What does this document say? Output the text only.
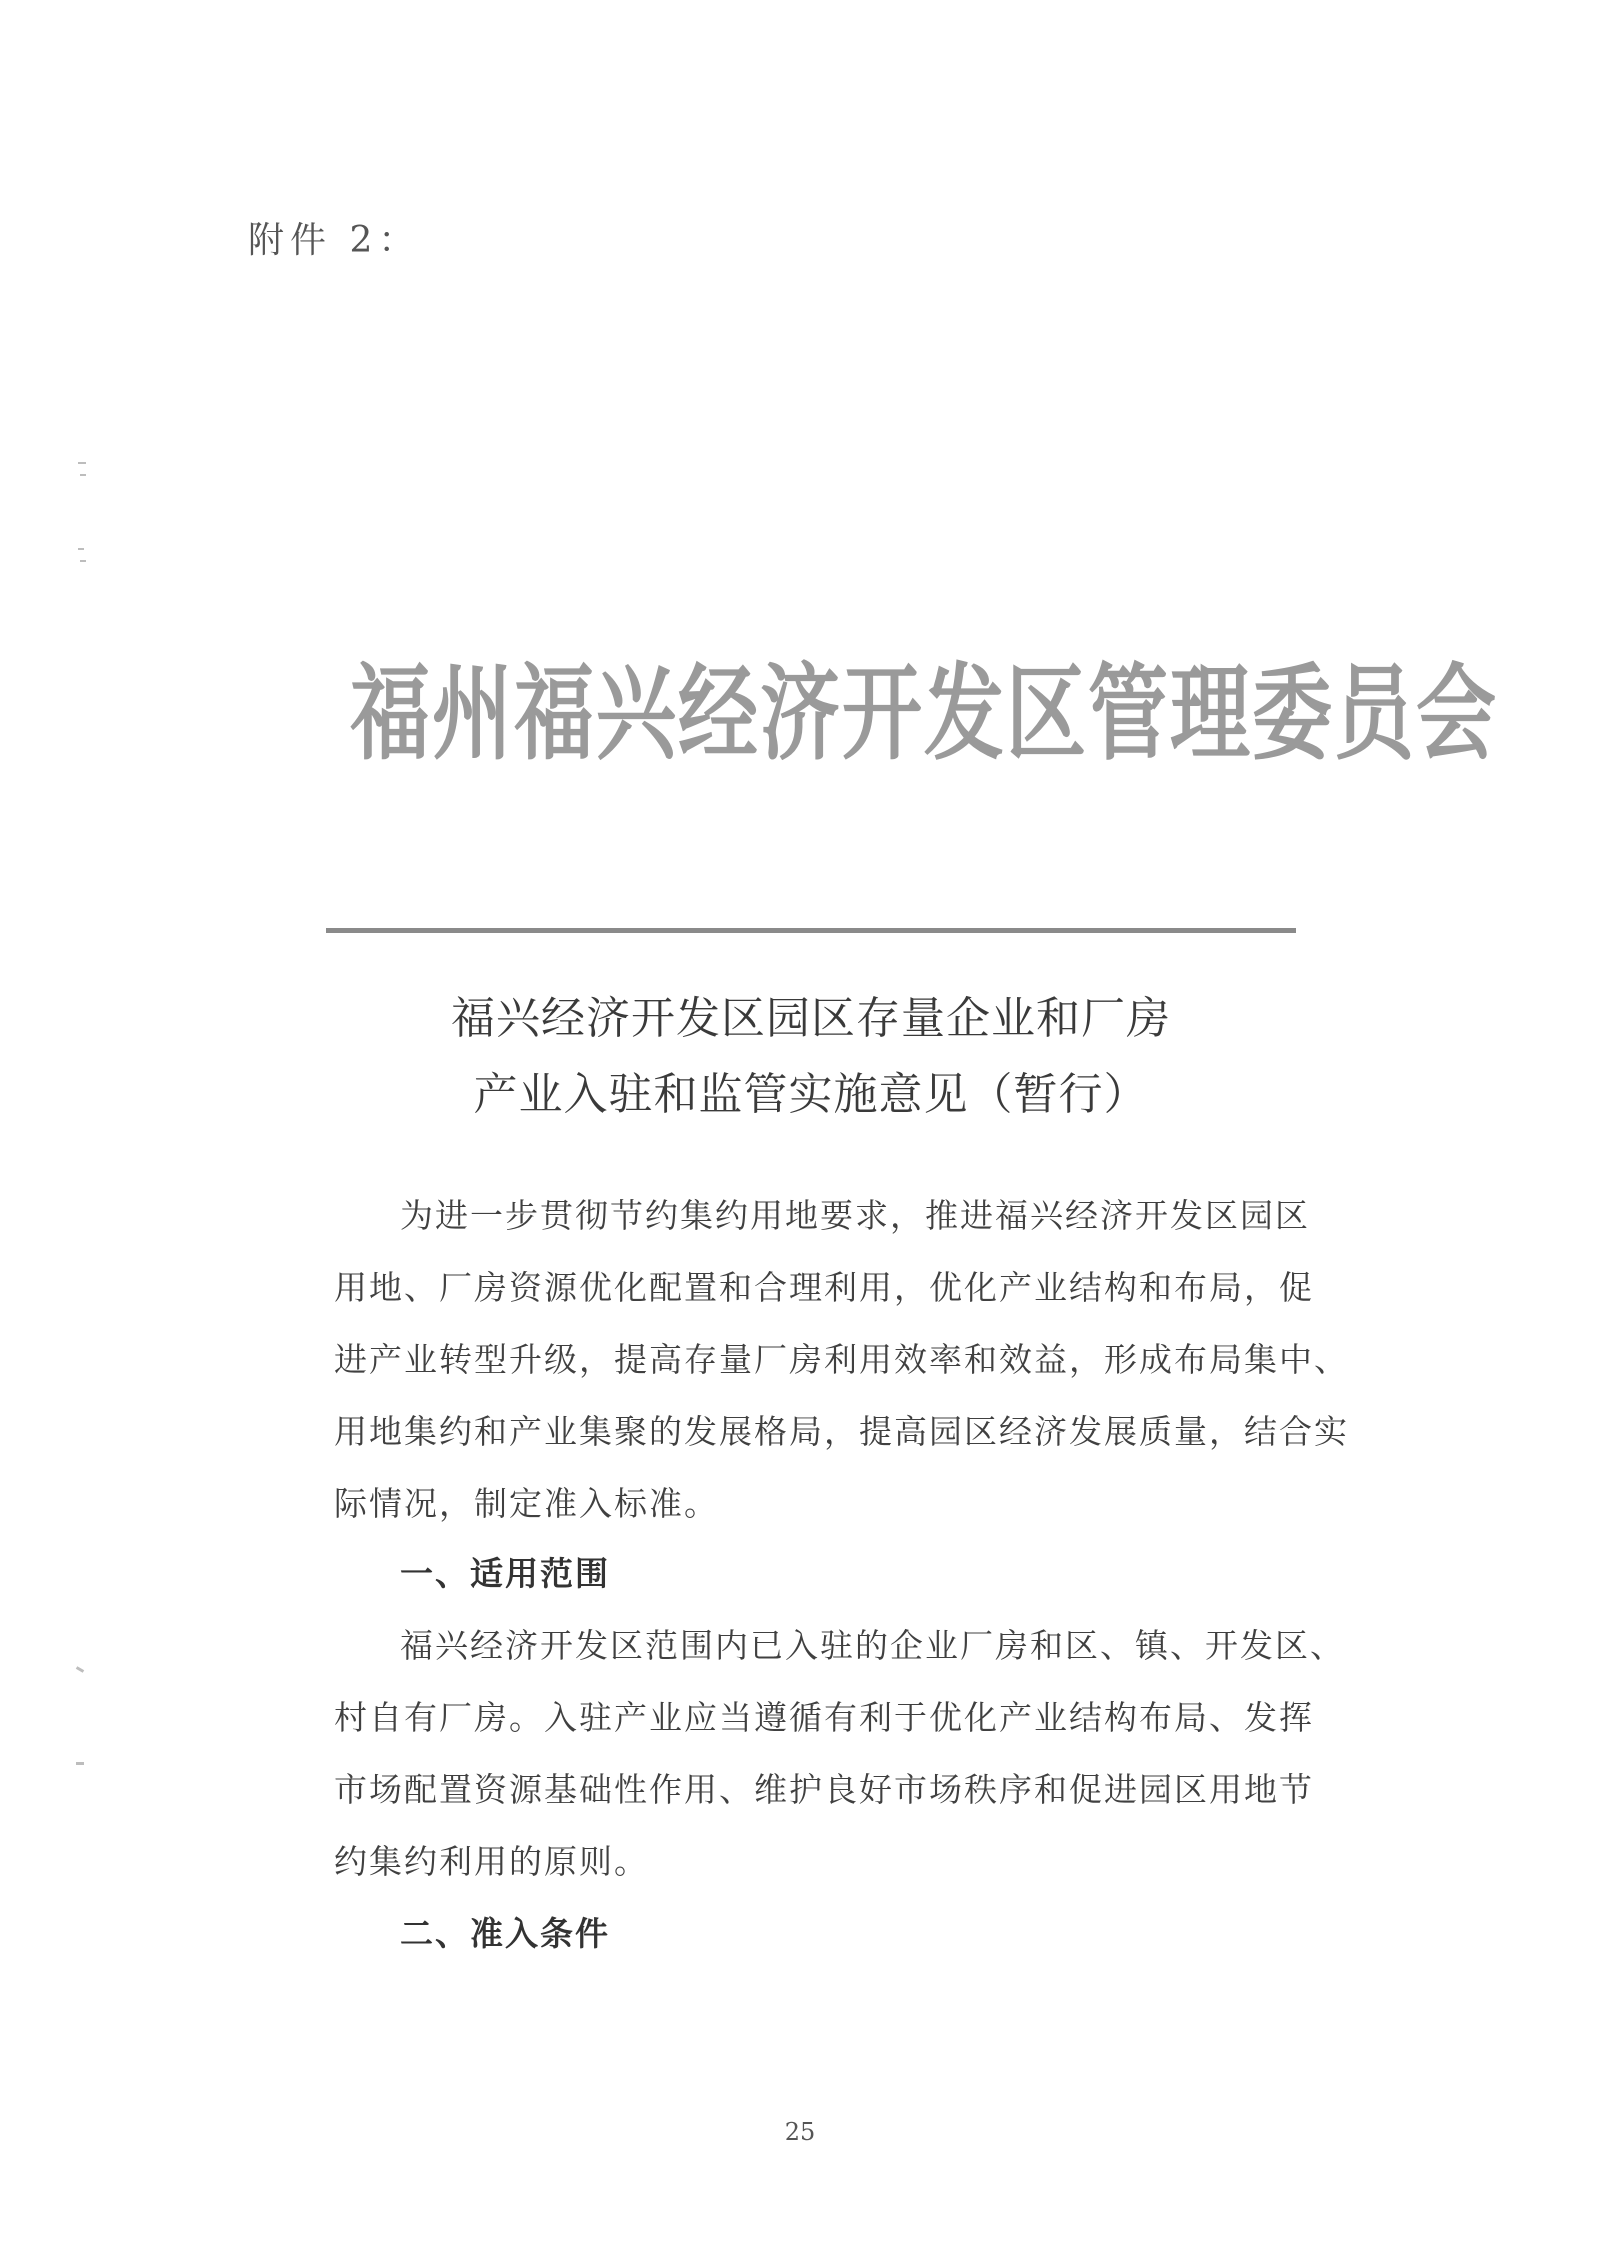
附件 2：
福州福兴经济开发区管理委员会
福兴经济开发区园区存量企业和厂房
产业入驻和监管实施意见（暂行）
为进一步贯彻节约集约用地要求，推进福兴经济开发区园区
用地、厂房资源优化配置和合理利用，优化产业结构和布局，促
进产业转型升级，提高存量厂房利用效率和效益，形成布局集中、
用地集约和产业集聚的发展格局，提高园区经济发展质量，结合实
际情况，制定准入标准。
一、适用范围
福兴经济开发区范围内已入驻的企业厂房和区、镇、开发区、
村自有厂房。入驻产业应当遵循有利于优化产业结构布局、发挥
市场配置资源基础性作用、维护良好市场秩序和促进园区用地节
约集约利用的原则。
二、准入条件
25
